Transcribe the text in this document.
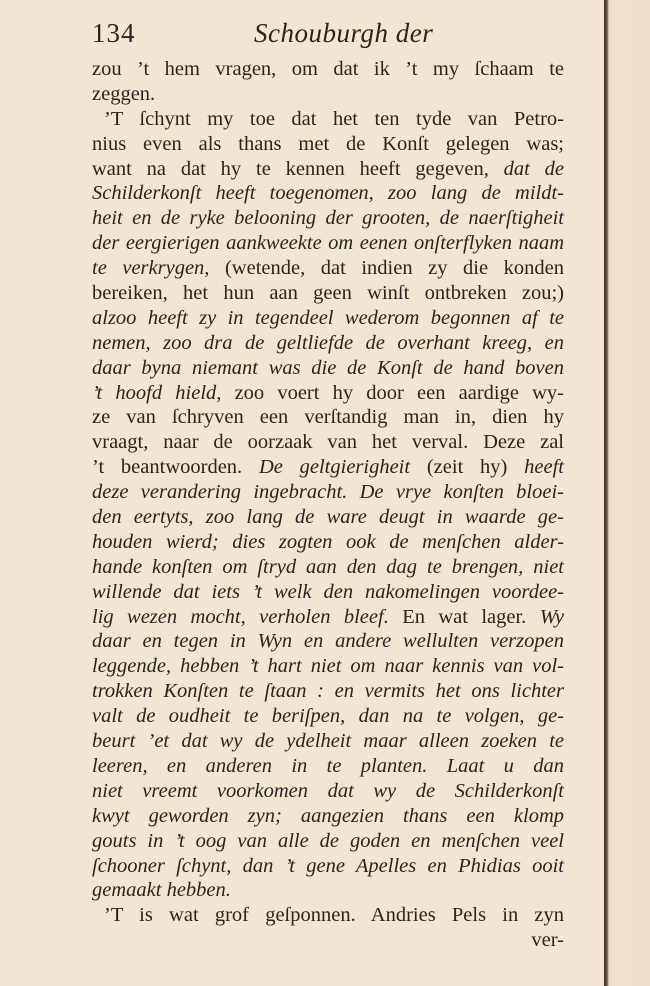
134	Schouburgh der
zou ’t hem vragen, om dat ik ’t my ſchaam te
zeggen.
’T ſchynt my toe dat het ten tyde van Petro-
nius even als thans met de Konſt gelegen was;
want na dat hy te kennen heeft gegeven, dat de
Schilderkonſt heeft toegenomen, zoo lang de mildt-
heit en de ryke belooning der grooten, de naerſtigheit
der eergierigen aankweekte om eenen onſterflyken naam
te verkrygen, (wetende, dat indien zy die konden
bereiken, het hun aan geen winſt ontbreken zou;)
alzoo heeft zy in tegendeel wederom begonnen af te
nemen, zoo dra de geltliefde de overhant kreeg, en
daar byna niemant was die de Konſt de hand boven
’t hoofd hield, zoo voert hy door een aardige wy-
ze van ſchryven een verſtandig man in, dien hy
vraagt, naar de oorzaak van het verval. Deze zal
’t beantwoorden. De geltgierigheit (zeit hy) heeft
deze verandering ingebracht. De vrye konſten bloei-
den eertyts, zoo lang de ware deugt in waarde ge-
houden wierd; dies zogten ook de menſchen alder-
hande konſten om ſtryd aan den dag te brengen, niet
willende dat iets ’t welk den nakomelingen voordee-
lig wezen mocht, verholen bleef. En wat lager. Wy
daar en tegen in Wyn en andere wellulten verzopen
leggende, hebben ’t hart niet om naar kennis van vol-
trokken Konſten te ſtaan : en vermits het ons lichter
valt de oudheit te beriſpen, dan na te volgen, ge-
beurt ’et dat wy de ydelheit maar alleen zoeken te
leeren, en anderen in te planten. Laat u dan
niet vreemt voorkomen dat wy de Schilderkonſt
kwyt geworden zyn; aangezien thans een klomp
gouts in ’t oog van alle de goden en menſchen veel
ſchooner ſchynt, dan ’t gene Apelles en Phidias ooit
gemaakt hebben.
’T is wat grof geſponnen. Andries Pels in zyn
ver-
